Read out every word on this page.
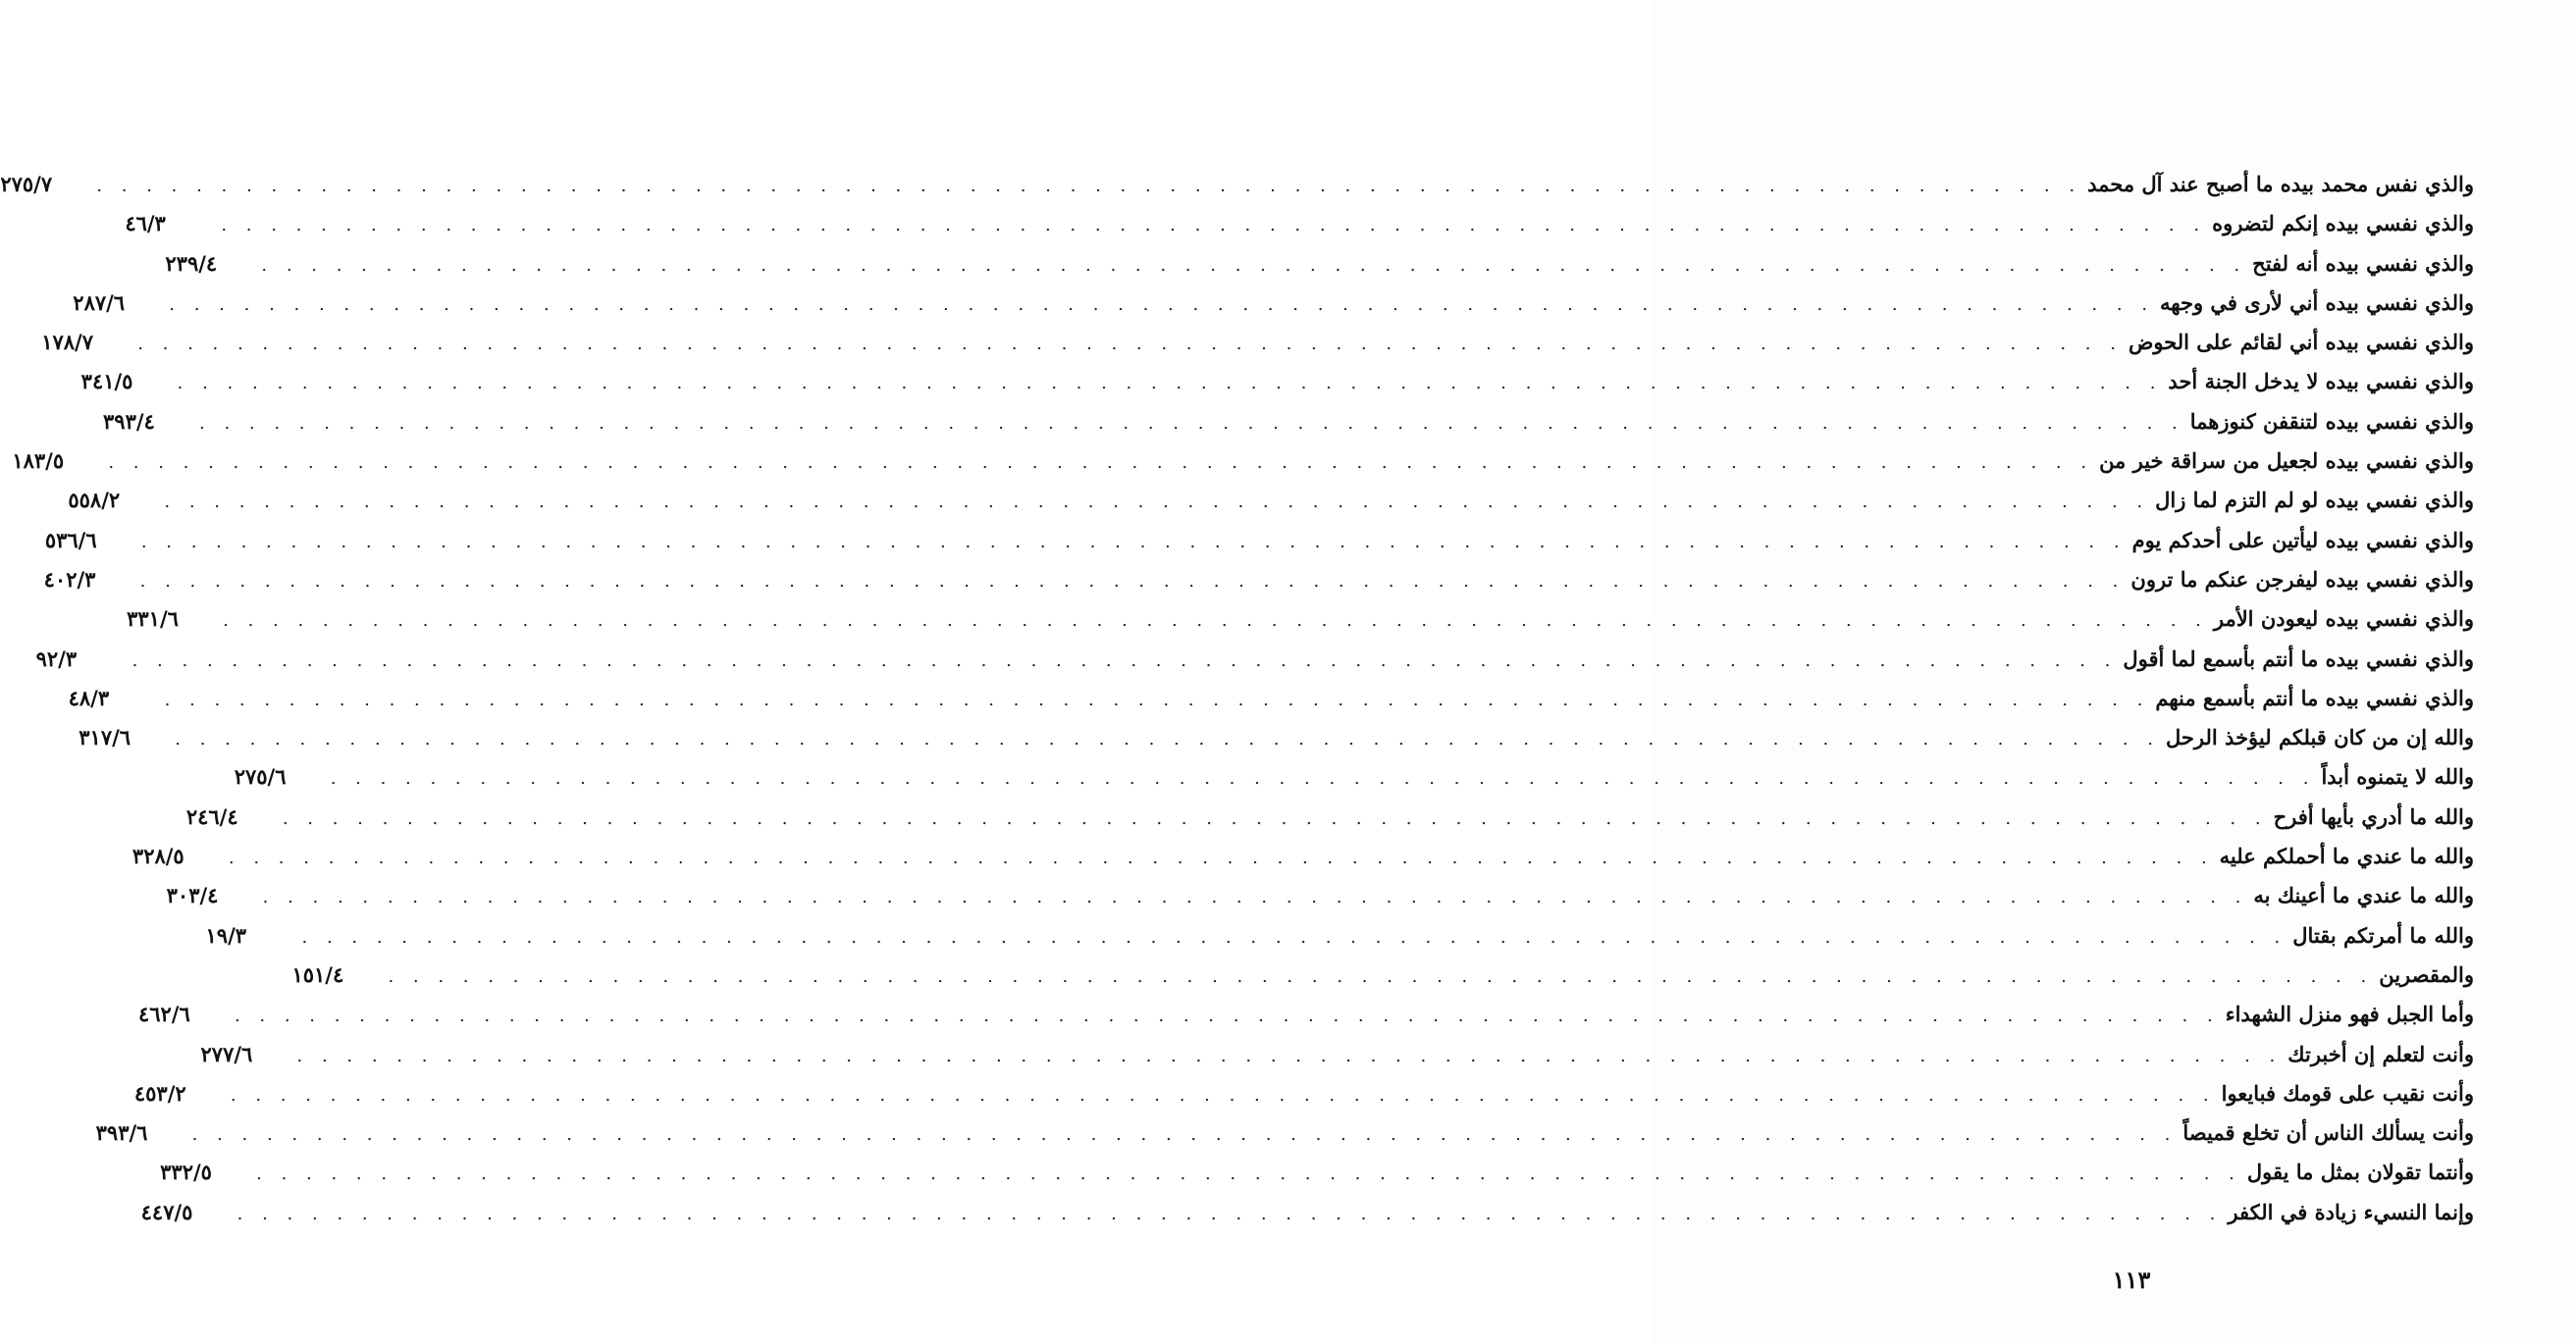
والذي نفس محمد بيده ما أصبح عند آل محمد
. . . . . . . . . . . . . . . . . . . . . . . . . . . . . . . . . . . . . . . . . . . . . . . . . . . . . . . . . . . . . . . . . . . . . . . . . . . . . . . .
٢٧٥/٧
والذي نفسي بيده إنكم لتضروه
. . . . . . . . . . . . . . . . . . . . . . . . . . . . . . . . . . . . . . . . . . . . . . . . . . . . . . . . . . . . . . . . . . . . . . . . . . . . . . . .
٤٦/٣
والذي نفسي بيده أنه لفتح
. . . . . . . . . . . . . . . . . . . . . . . . . . . . . . . . . . . . . . . . . . . . . . . . . . . . . . . . . . . . . . . . . . . . . . . . . . . . . . . .
٢٣٩/٤
والذي نفسي بيده أني لأرى في وجهه
. . . . . . . . . . . . . . . . . . . . . . . . . . . . . . . . . . . . . . . . . . . . . . . . . . . . . . . . . . . . . . . . . . . . . . . . . . . . . . . .
٢٨٧/٦
والذي نفسي بيده أني لقائم على الحوض
. . . . . . . . . . . . . . . . . . . . . . . . . . . . . . . . . . . . . . . . . . . . . . . . . . . . . . . . . . . . . . . . . . . . . . . . . . . . . . . .
١٧٨/٧
والذي نفسي بيده لا يدخل الجنة أحد
. . . . . . . . . . . . . . . . . . . . . . . . . . . . . . . . . . . . . . . . . . . . . . . . . . . . . . . . . . . . . . . . . . . . . . . . . . . . . . . .
٣٤١/٥
والذي نفسي بيده لتنقفن كنوزهما
. . . . . . . . . . . . . . . . . . . . . . . . . . . . . . . . . . . . . . . . . . . . . . . . . . . . . . . . . . . . . . . . . . . . . . . . . . . . . . . .
٣٩٣/٤
والذي نفسي بيده لجعيل من سراقة خير من
. . . . . . . . . . . . . . . . . . . . . . . . . . . . . . . . . . . . . . . . . . . . . . . . . . . . . . . . . . . . . . . . . . . . . . . . . . . . . . . .
١٨٣/٥
والذي نفسي بيده لو لم التزم لما زال
. . . . . . . . . . . . . . . . . . . . . . . . . . . . . . . . . . . . . . . . . . . . . . . . . . . . . . . . . . . . . . . . . . . . . . . . . . . . . . . .
٥٥٨/٢
والذي نفسي بيده ليأتين على أحدكم يوم
. . . . . . . . . . . . . . . . . . . . . . . . . . . . . . . . . . . . . . . . . . . . . . . . . . . . . . . . . . . . . . . . . . . . . . . . . . . . . . . .
٥٣٦/٦
والذي نفسي بيده ليفرجن عنكم ما ترون
. . . . . . . . . . . . . . . . . . . . . . . . . . . . . . . . . . . . . . . . . . . . . . . . . . . . . . . . . . . . . . . . . . . . . . . . . . . . . . . .
٤٠٢/٣
والذي نفسي بيده ليعودن الأمر
. . . . . . . . . . . . . . . . . . . . . . . . . . . . . . . . . . . . . . . . . . . . . . . . . . . . . . . . . . . . . . . . . . . . . . . . . . . . . . . .
٣٣١/٦
والذي نفسي بيده ما أنتم بأسمع لما أقول
. . . . . . . . . . . . . . . . . . . . . . . . . . . . . . . . . . . . . . . . . . . . . . . . . . . . . . . . . . . . . . . . . . . . . . . . . . . . . . . .
٩٢/٣
والذي نفسي بيده ما أنتم بأسمع منهم
. . . . . . . . . . . . . . . . . . . . . . . . . . . . . . . . . . . . . . . . . . . . . . . . . . . . . . . . . . . . . . . . . . . . . . . . . . . . . . . .
٤٨/٣
والله إن من كان قبلكم ليؤخذ الرحل
. . . . . . . . . . . . . . . . . . . . . . . . . . . . . . . . . . . . . . . . . . . . . . . . . . . . . . . . . . . . . . . . . . . . . . . . . . . . . . . .
٣١٧/٦
والله لا يتمنوه أبداً
. . . . . . . . . . . . . . . . . . . . . . . . . . . . . . . . . . . . . . . . . . . . . . . . . . . . . . . . . . . . . . . . . . . . . . . . . . . . . . . .
٢٧٥/٦
والله ما أدري بأيها أفرح
. . . . . . . . . . . . . . . . . . . . . . . . . . . . . . . . . . . . . . . . . . . . . . . . . . . . . . . . . . . . . . . . . . . . . . . . . . . . . . . .
٢٤٦/٤
والله ما عندي ما أحملكم عليه
. . . . . . . . . . . . . . . . . . . . . . . . . . . . . . . . . . . . . . . . . . . . . . . . . . . . . . . . . . . . . . . . . . . . . . . . . . . . . . . .
٣٢٨/٥
والله ما عندي ما أعينك به
. . . . . . . . . . . . . . . . . . . . . . . . . . . . . . . . . . . . . . . . . . . . . . . . . . . . . . . . . . . . . . . . . . . . . . . . . . . . . . . .
٣٠٣/٤
والله ما أمرتكم بقتال
. . . . . . . . . . . . . . . . . . . . . . . . . . . . . . . . . . . . . . . . . . . . . . . . . . . . . . . . . . . . . . . . . . . . . . . . . . . . . . . .
١٩/٣
والمقصرين
. . . . . . . . . . . . . . . . . . . . . . . . . . . . . . . . . . . . . . . . . . . . . . . . . . . . . . . . . . . . . . . . . . . . . . . . . . . . . . . .
١٥١/٤
وأما الجبل فهو منزل الشهداء
. . . . . . . . . . . . . . . . . . . . . . . . . . . . . . . . . . . . . . . . . . . . . . . . . . . . . . . . . . . . . . . . . . . . . . . . . . . . . . . .
٤٦٢/٦
وأنت لتعلم إن أخبرتك
. . . . . . . . . . . . . . . . . . . . . . . . . . . . . . . . . . . . . . . . . . . . . . . . . . . . . . . . . . . . . . . . . . . . . . . . . . . . . . . .
٢٧٧/٦
وأنت نقيب على قومك فبايعوا
. . . . . . . . . . . . . . . . . . . . . . . . . . . . . . . . . . . . . . . . . . . . . . . . . . . . . . . . . . . . . . . . . . . . . . . . . . . . . . . .
٤٥٣/٢
وأنت يسألك الناس أن تخلع قميصاً
. . . . . . . . . . . . . . . . . . . . . . . . . . . . . . . . . . . . . . . . . . . . . . . . . . . . . . . . . . . . . . . . . . . . . . . . . . . . . . . .
٣٩٣/٦
وأنتما تقولان بمثل ما يقول
. . . . . . . . . . . . . . . . . . . . . . . . . . . . . . . . . . . . . . . . . . . . . . . . . . . . . . . . . . . . . . . . . . . . . . . . . . . . . . . .
٣٣٢/٥
وإنما النسيء زيادة في الكفر
. . . . . . . . . . . . . . . . . . . . . . . . . . . . . . . . . . . . . . . . . . . . . . . . . . . . . . . . . . . . . . . . . . . . . . . . . . . . . . . .
٤٤٧/٥
١١٣
